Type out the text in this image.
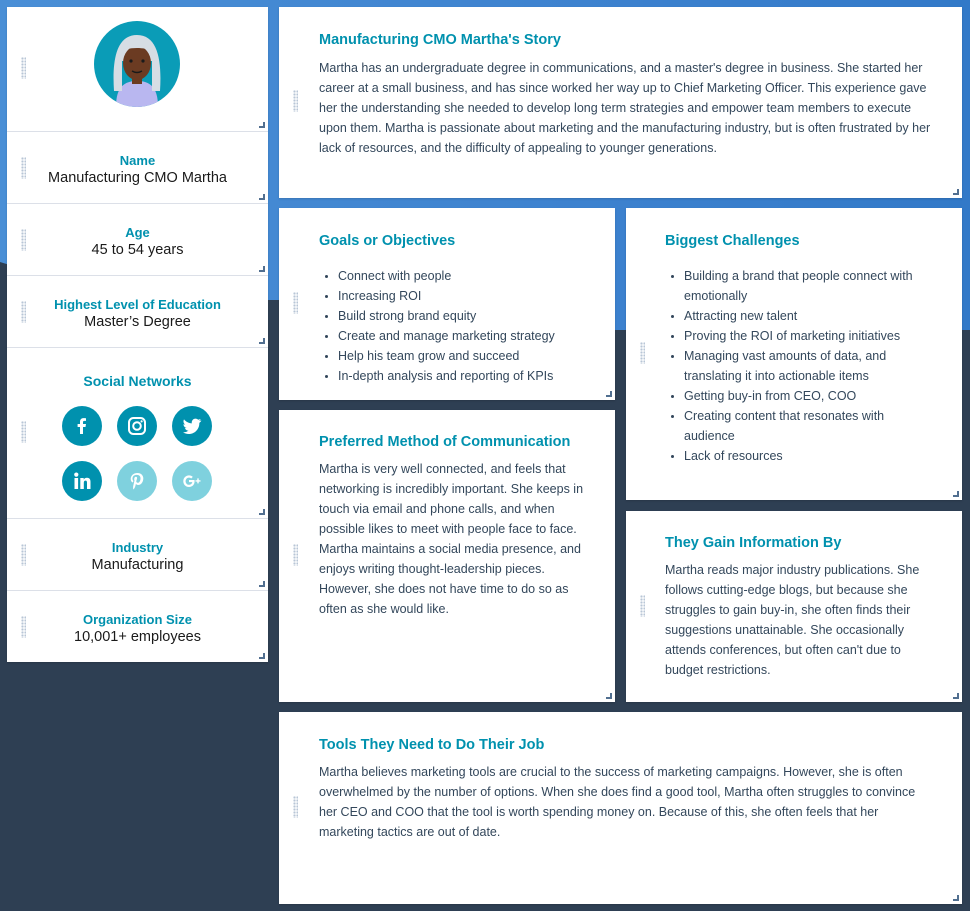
Name
Manufacturing CMO Martha
Age
45 to 54 years
Highest Level of Education
Master’s Degree
Social Networks
Industry
Manufacturing
Organization Size
10,001+ employees
Manufacturing CMO Martha's Story
Martha has an undergraduate degree in communications, and a master's degree in business. She started her career at a small business, and has since worked her way up to Chief Marketing Officer. This experience gave her the understanding she needed to develop long term strategies and empower team members to execute upon them. Martha is passionate about marketing and the manufacturing industry, but is often frustrated by her lack of resources, and the difficulty of appealing to younger generations.
Goals or Objectives
Connect with people
Increasing ROI
Build strong brand equity
Create and manage marketing strategy
Help his team grow and succeed
In-depth analysis and reporting of KPIs
Biggest Challenges
Building a brand that people connect with emotionally
Attracting new talent
Proving the ROI of marketing initiatives
Managing vast amounts of data, and translating it into actionable items
Getting buy-in from CEO, COO
Creating content that resonates with audience
Lack of resources
Preferred Method of Communication
Martha is very well connected, and feels that networking is incredibly important. She keeps in touch via email and phone calls, and when possible likes to meet with people face to face. Martha maintains a social media presence, and enjoys writing thought-leadership pieces. However, she does not have time to do so as often as she would like.
They Gain Information By
Martha reads major industry publications. She follows cutting-edge blogs, but because she struggles to gain buy-in, she often finds their suggestions unattainable. She occasionally attends conferences, but often can't due to budget restrictions.
Tools They Need to Do Their Job
Martha believes marketing tools are crucial to the success of marketing campaigns. However, she is often overwhelmed by the number of options. When she does find a good tool, Martha often struggles to convince her CEO and COO that the tool is worth spending money on. Because of this, she often feels that her marketing tactics are out of date.
